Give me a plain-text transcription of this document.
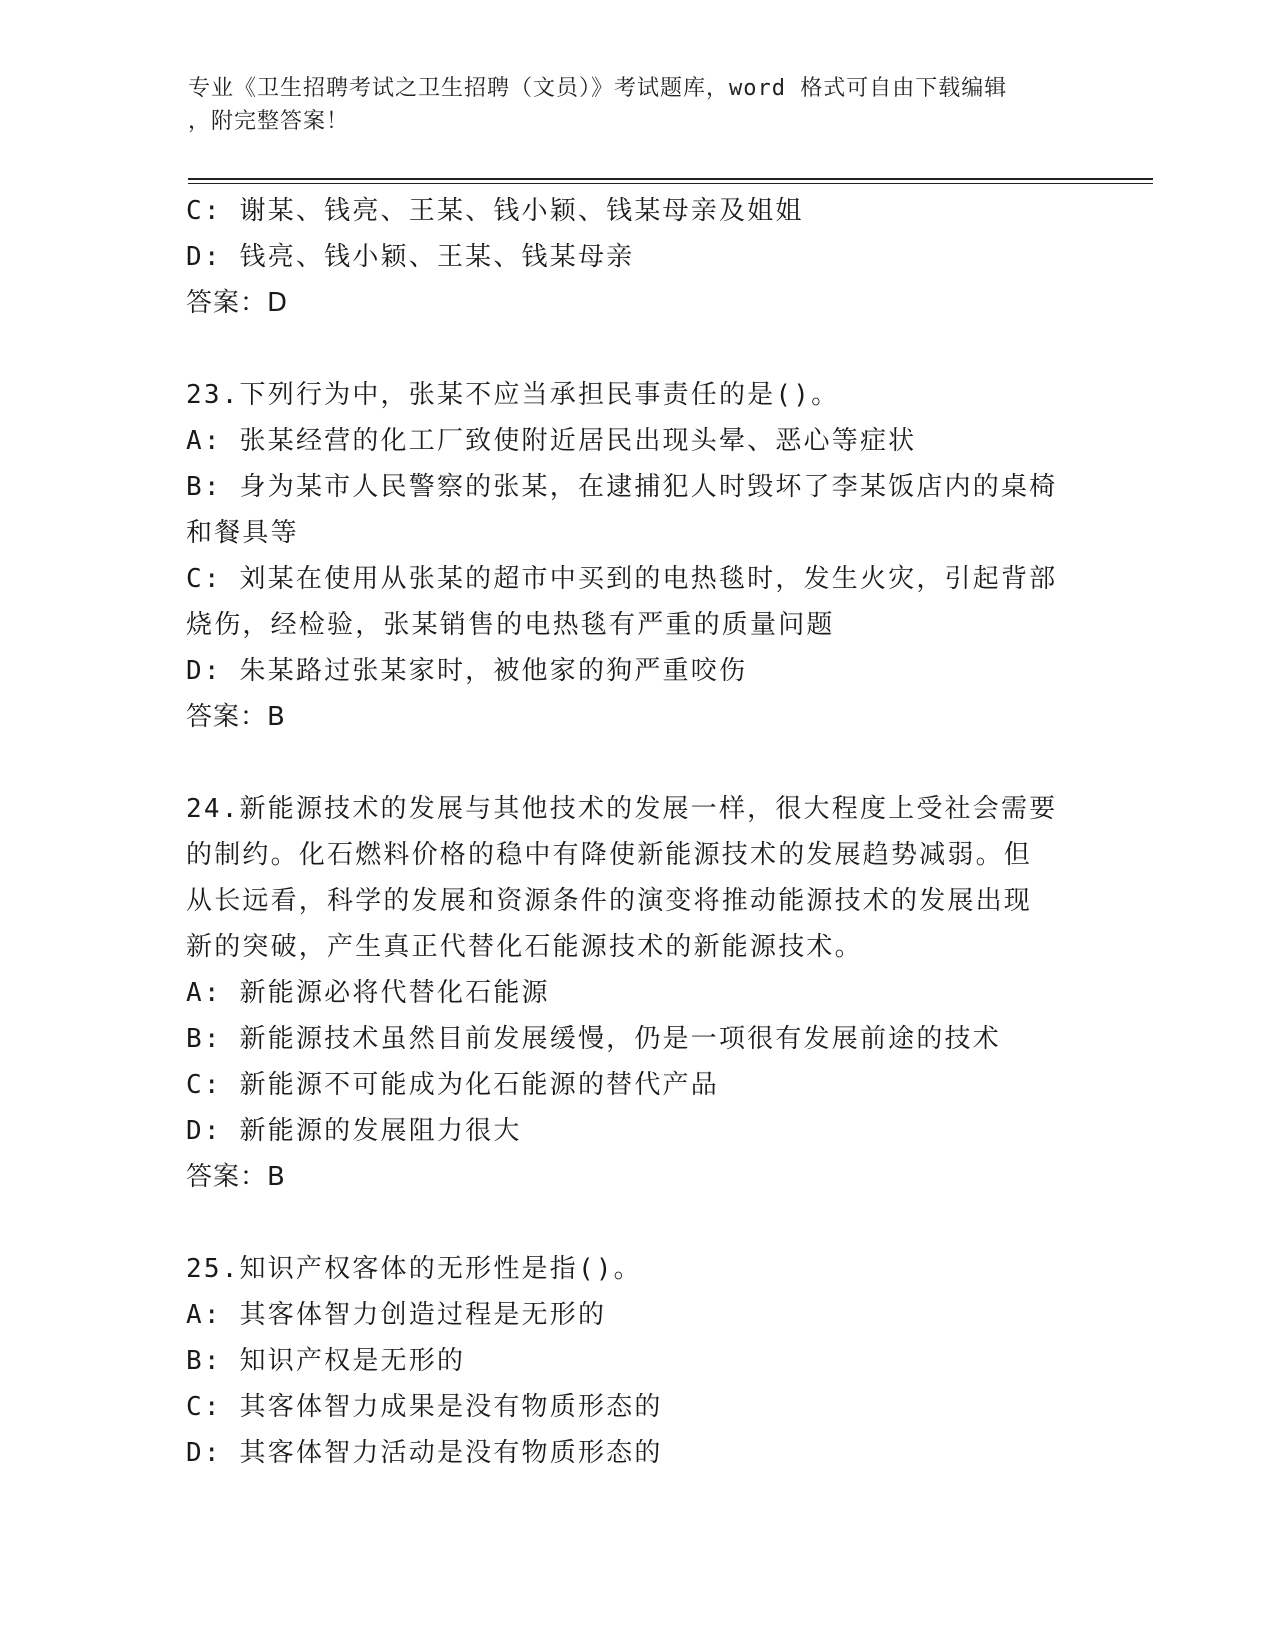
专业《卫生招聘考试之卫生招聘（文员）》考试题库，word 格式可自由下载编辑
，附完整答案！
C: 谢某、钱亮、王某、钱小颖、钱某母亲及姐姐
D: 钱亮、钱小颖、王某、钱某母亲
答案：D
23.下列行为中，张某不应当承担民事责任的是()。
A: 张某经营的化工厂致使附近居民出现头晕、恶心等症状
B: 身为某市人民警察的张某，在逮捕犯人时毁坏了李某饭店内的桌椅
和餐具等
C: 刘某在使用从张某的超市中买到的电热毯时，发生火灾，引起背部
烧伤，经检验，张某销售的电热毯有严重的质量问题
D: 朱某路过张某家时，被他家的狗严重咬伤
答案：B
24.新能源技术的发展与其他技术的发展一样，很大程度上受社会需要
的制约。化石燃料价格的稳中有降使新能源技术的发展趋势减弱。但
从长远看，科学的发展和资源条件的演变将推动能源技术的发展出现
新的突破，产生真正代替化石能源技术的新能源技术。
A: 新能源必将代替化石能源
B: 新能源技术虽然目前发展缓慢，仍是一项很有发展前途的技术
C: 新能源不可能成为化石能源的替代产品
D: 新能源的发展阻力很大
答案：B
25.知识产权客体的无形性是指()。
A: 其客体智力创造过程是无形的
B: 知识产权是无形的
C: 其客体智力成果是没有物质形态的
D: 其客体智力活动是没有物质形态的
